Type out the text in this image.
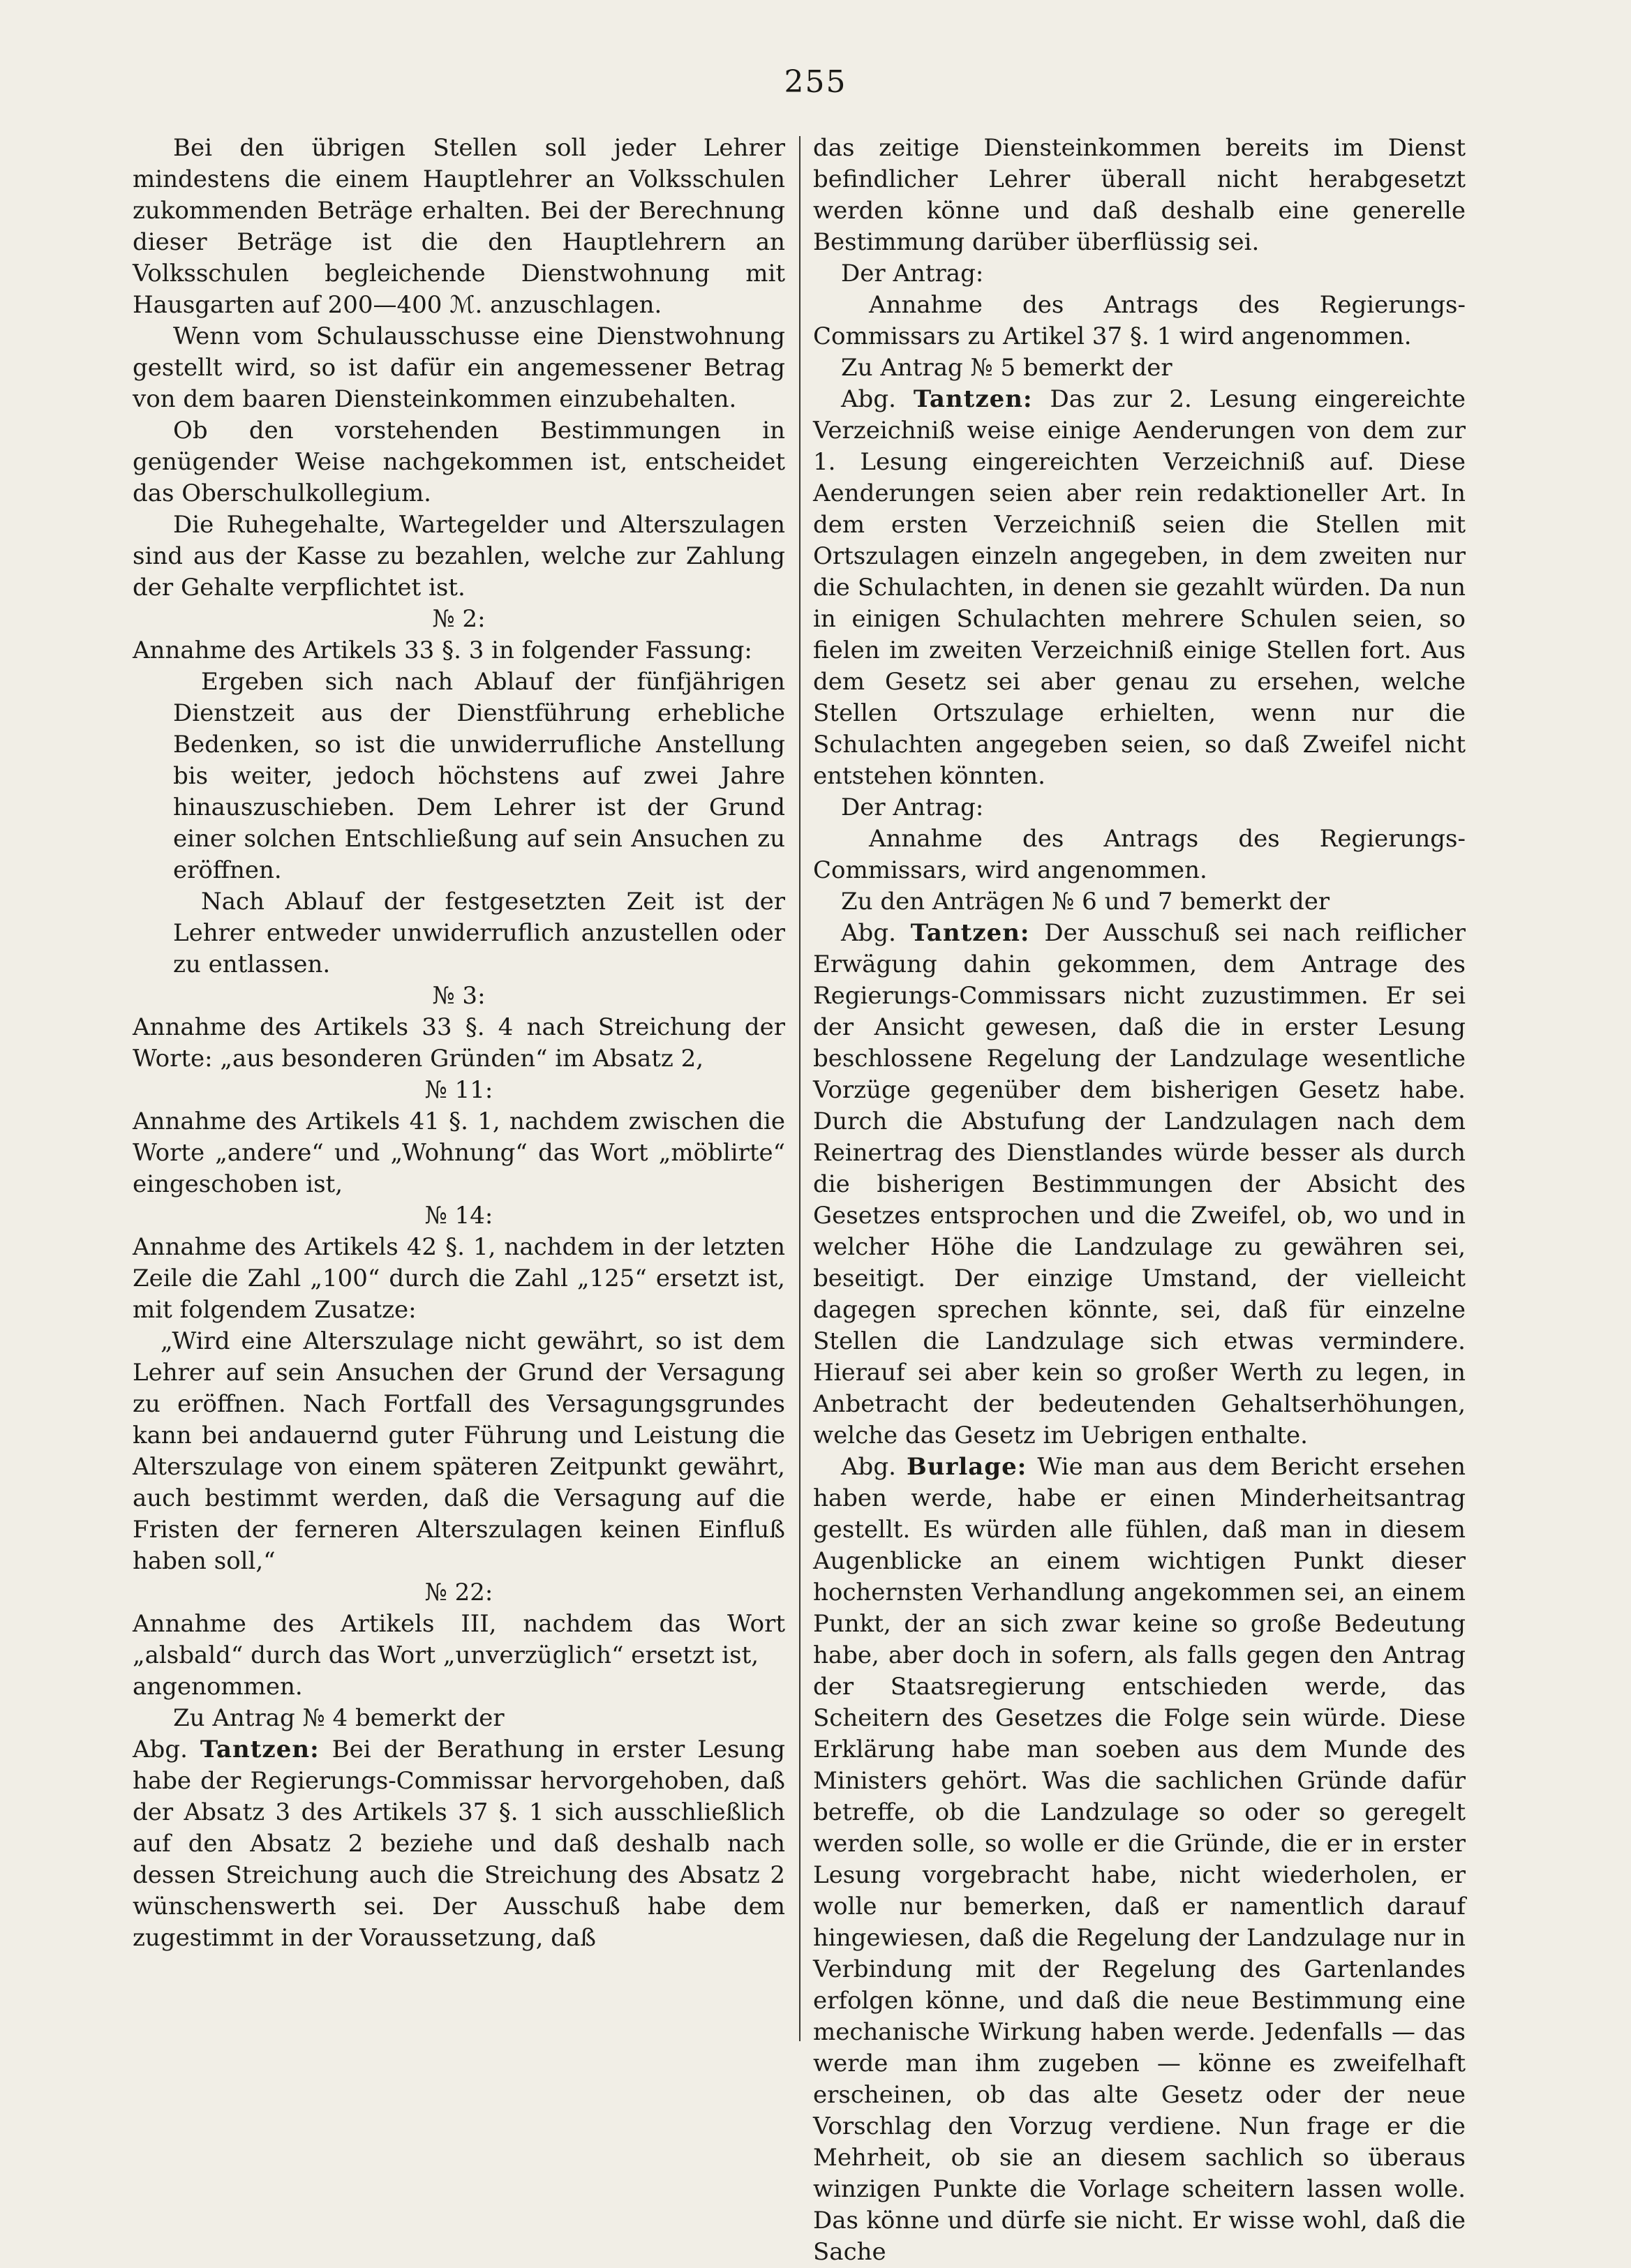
255

Bei den übrigen Stellen soll jeder Lehrer mindestens die einem Hauptlehrer an Volksschulen zukommenden Beträge erhalten. Bei der Berechnung dieser Beträge ist die den Hauptlehrern an Volksschulen begleichende Dienstwohnung mit Hausgarten auf 200—400 ℳ. anzuschlagen.

Wenn vom Schulausschusse eine Dienstwohnung gestellt wird, so ist dafür ein angemessener Betrag von dem baaren Diensteinkommen einzubehalten.

Ob den vorstehenden Bestimmungen in genügender Weise nachgekommen ist, entscheidet das Oberschulkollegium.

Die Ruhegehalte, Wartegelder und Alterszulagen sind aus der Kasse zu bezahlen, welche zur Zahlung der Gehalte verpflichtet ist.

№ 2:

Annahme des Artikels 33 §. 3 in folgender Fassung:

Ergeben sich nach Ablauf der fünfjährigen Dienstzeit aus der Dienstführung erhebliche Bedenken, so ist die unwiderrufliche Anstellung bis weiter, jedoch höchstens auf zwei Jahre hinauszuschieben. Dem Lehrer ist der Grund einer solchen Entschließung auf sein Ansuchen zu eröffnen.

Nach Ablauf der festgesetzten Zeit ist der Lehrer entweder unwiderruflich anzustellen oder zu entlassen.

№ 3:

Annahme des Artikels 33 §. 4 nach Streichung der Worte: „aus besonderen Gründen“ im Absatz 2,

№ 11:

Annahme des Artikels 41 §. 1, nachdem zwischen die Worte „andere“ und „Wohnung“ das Wort „möblirte“ eingeschoben ist,

№ 14:

Annahme des Artikels 42 §. 1, nachdem in der letzten Zeile die Zahl „100“ durch die Zahl „125“ ersetzt ist, mit folgendem Zusatze:

„Wird eine Alterszulage nicht gewährt, so ist dem Lehrer auf sein Ansuchen der Grund der Versagung zu eröffnen. Nach Fortfall des Versagungsgrundes kann bei andauernd guter Führung und Leistung die Alterszulage von einem späteren Zeitpunkt gewährt, auch bestimmt werden, daß die Versagung auf die Fristen der ferneren Alterszulagen keinen Einfluß haben soll,“

№ 22:

Annahme des Artikels III, nachdem das Wort „alsbald“ durch das Wort „unverzüglich“ ersetzt ist,

angenommen.

Zu Antrag № 4 bemerkt der

Abg. Tantzen: Bei der Berathung in erster Lesung habe der Regierungs-Commissar hervorgehoben, daß der Absatz 3 des Artikels 37 §. 1 sich ausschließlich auf den Absatz 2 beziehe und daß deshalb nach dessen Streichung auch die Streichung des Absatz 2 wünschenswerth sei. Der Ausschuß habe dem zugestimmt in der Voraussetzung, daß

das zeitige Diensteinkommen bereits im Dienst befindlicher Lehrer überall nicht herabgesetzt werden könne und daß deshalb eine generelle Bestimmung darüber überflüssig sei.

Der Antrag:

Annahme des Antrags des Regierungs-Commissars zu Artikel 37 §. 1 wird angenommen.

Zu Antrag № 5 bemerkt der

Abg. Tantzen: Das zur 2. Lesung eingereichte Verzeichniß weise einige Aenderungen von dem zur 1. Lesung eingereichten Verzeichniß auf. Diese Aenderungen seien aber rein redaktioneller Art. In dem ersten Verzeichniß seien die Stellen mit Ortszulagen einzeln angegeben, in dem zweiten nur die Schulachten, in denen sie gezahlt würden. Da nun in einigen Schulachten mehrere Schulen seien, so fielen im zweiten Verzeichniß einige Stellen fort. Aus dem Gesetz sei aber genau zu ersehen, welche Stellen Ortszulage erhielten, wenn nur die Schulachten angegeben seien, so daß Zweifel nicht entstehen könnten.

Der Antrag:

Annahme des Antrags des Regierungs-Commissars, wird angenommen.

Zu den Anträgen № 6 und 7 bemerkt der

Abg. Tantzen: Der Ausschuß sei nach reiflicher Erwägung dahin gekommen, dem Antrage des Regierungs-Commissars nicht zuzustimmen. Er sei der Ansicht gewesen, daß die in erster Lesung beschlossene Regelung der Landzulage wesentliche Vorzüge gegenüber dem bisherigen Gesetz habe. Durch die Abstufung der Landzulagen nach dem Reinertrag des Dienstlandes würde besser als durch die bisherigen Bestimmungen der Absicht des Gesetzes entsprochen und die Zweifel, ob, wo und in welcher Höhe die Landzulage zu gewähren sei, beseitigt. Der einzige Umstand, der vielleicht dagegen sprechen könnte, sei, daß für einzelne Stellen die Landzulage sich etwas vermindere. Hierauf sei aber kein so großer Werth zu legen, in Anbetracht der bedeutenden Gehaltserhöhungen, welche das Gesetz im Uebrigen enthalte.

Abg. Burlage: Wie man aus dem Bericht ersehen haben werde, habe er einen Minderheitsantrag gestellt. Es würden alle fühlen, daß man in diesem Augenblicke an einem wichtigen Punkt dieser hochernsten Verhandlung angekommen sei, an einem Punkt, der an sich zwar keine so große Bedeutung habe, aber doch in sofern, als falls gegen den Antrag der Staatsregierung entschieden werde, das Scheitern des Gesetzes die Folge sein würde. Diese Erklärung habe man soeben aus dem Munde des Ministers gehört. Was die sachlichen Gründe dafür betreffe, ob die Landzulage so oder so geregelt werden solle, so wolle er die Gründe, die er in erster Lesung vorgebracht habe, nicht wiederholen, er wolle nur bemerken, daß er namentlich darauf hingewiesen, daß die Regelung der Landzulage nur in Verbindung mit der Regelung des Gartenlandes erfolgen könne, und daß die neue Bestimmung eine mechanische Wirkung haben werde. Jedenfalls — das werde man ihm zugeben — könne es zweifelhaft erscheinen, ob das alte Gesetz oder der neue Vorschlag den Vorzug verdiene. Nun frage er die Mehrheit, ob sie an diesem sachlich so überaus winzigen Punkte die Vorlage scheitern lassen wolle. Das könne und dürfe sie nicht. Er wisse wohl, daß die Sache
